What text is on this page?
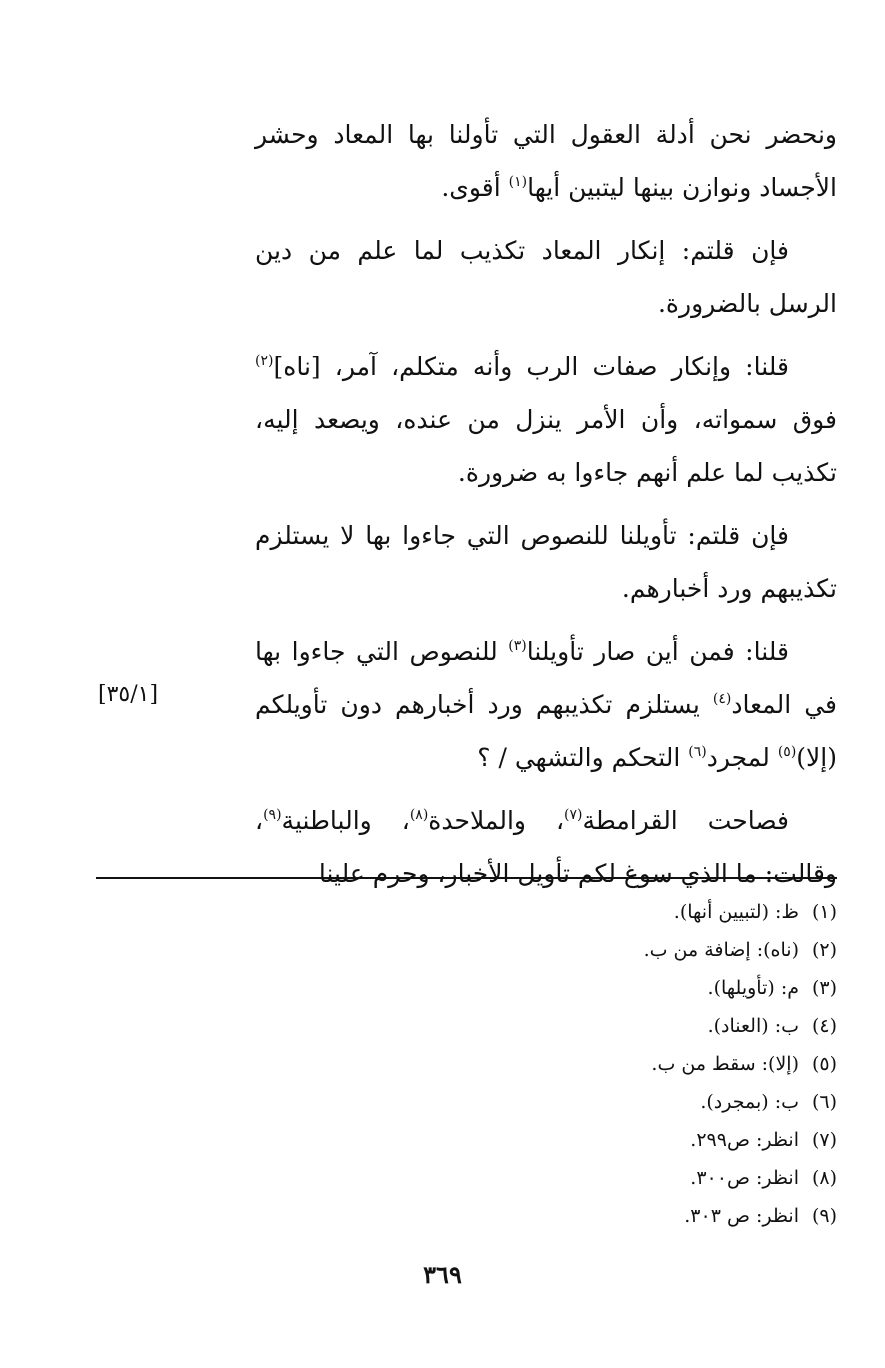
ونحضر نحن أدلة العقول التي تأولنا بها المعاد وحشر الأجساد ونوازن بينها ليتبين أيها$^{(١)}$ أقوى.

فإن قلتم: إنكار المعاد تكذيب لما علم من دين الرسل بالضرورة.

قلنا: وإنكار صفات الرب وأنه متكلم، آمر، [ناه]$^{(٢)}$ فوق سمواته، وأن الأمر ينزل من عنده، ويصعد إليه، تكذيب لما علم أنهم جاءوا به ضرورة.

فإن قلتم: تأويلنا للنصوص التي جاءوا بها لا يستلزم تكذيبهم ورد أخبارهم.

قلنا: فمن أين صار تأويلنا$^{(٣)}$ للنصوص التي جاءوا بها في المعاد$^{(٤)}$ يستلزم تكذيبهم ورد أخبارهم دون تأويلكم (إلا)$^{(٥)}$ لمجرد$^{(٦)}$ التحكم والتشهي / ؟

فصاحت القرامطة$^{(٧)}$، والملاحدة$^{(٨)}$، والباطنية$^{(٩)}$، وقالت: ما الذي سوغ لكم تأويل الأخبار، وحرم علينا

[٣٥/١]
(١)ظ: (لتبيين أنها).
(٢)(ناه): إضافة من ب.
(٣)م: (تأويلها).
(٤)ب: (العناد).
(٥)(إلا): سقط من ب.
(٦)ب: (بمجرد).
(٧)انظر: ص٢٩٩.
(٨)انظر: ص٣٠٠.
(٩)انظر: ص ٣٠٣.
٣٦٩
